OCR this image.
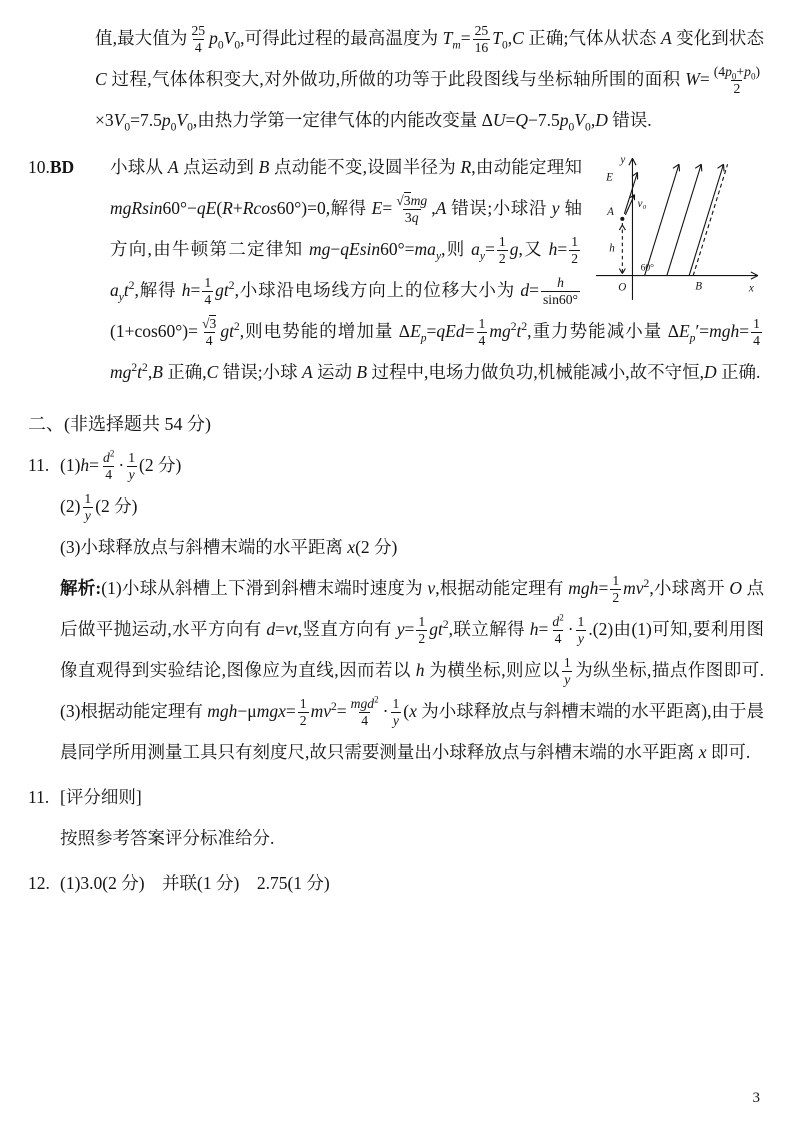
值,最大值为 $\frac{25}{4} p_0V_0$,可得此过程的最高温度为 $T_m= \frac{25}{16} T_0,C$ 正确;气体从状态 A 变化到状态 C 过程,气体体积变大,对外做功,所做的功等于此段图线与坐标轴所围的面积 $W= \frac{(4p_0+p_0)}{2}$
$\times 3V_0=7.5p_0V_0$,由热力学第一定律气体的内能改变量 $\Delta U=Q-7.5p_0V_0,D$ 错误.
10.BD	y
x
O
E
A
v₀
h
B
60°
小球从 A 点运动到 B 点动能不变,设圆半径为 R,由动能定理知 mgRsin60°−qE(R+Rcos60°)=0,解得 $E= \frac{√3mg}{3q} ,A$ 错误;小球沿 y 轴方向,由牛顿第二定律知 $mg-qEsin60^\circ=ma_y$,则 $a_y= \frac{1}{2} g$,又 $h= \frac{1}{2}$
$a_yt^2$,解得 $h= \frac{1}{4} gt^2$,小球沿电场线方向上的位移大小为 $d= \frac{h}{\sin 60^\circ}$
$(1+\cos 60^\circ)= \frac{√3}{4} gt^2$,则电势能的增加量 $\Delta E_p=qEd= \frac{1}{4} mg^2t^2$,重力势能减小量 $\Delta E_p'=mgh= \frac{1}{4}$
$mg^2t^2,B$ 正确,C 错误;小球 A 运动 B 过程中,电场力做负功,机械能减小,故不守恒,D 正确.
二、(非选择题共 54 分)
11. $(1)h= \frac{d^2}{4} \cdot \frac{1}{y} (2$ 分)
$(2) \frac{1}{y} (2$ 分)
(3)小球释放点与斜槽末端的水平距离 x(2 分)
解析:(1)小球从斜槽上下滑到斜槽末端时速度为 v,根据动能定理有 $mgh= \frac{1}{2} mv^2$,小球离开 O 点后做平抛运动,水平方向有 d=vt,竖直方向有 $y= \frac{1}{2} gt^2$,联立解得 $h= \frac{d^2}{4} \cdot \frac{1}{y} .(2)$由(1)可知,要利用图像直观得到实验结论,图像应为直线,因而若以 h 为横坐标,则应以 $\frac{1}{y}$ 为纵坐标,描点作图即可.(3)根据动能定理有 $mgh-\mu mgx= \frac{1}{2} mv^2= \frac{mgd^2}{4} \cdot \frac{1}{y} (x$ 为小球释放点与斜槽末端的水平距离),由于晨晨同学所用测量工具只有刻度尺,故只需要测量出小球释放点与斜槽末端的水平距离 x 即可.
11. [评分细则]
按照参考答案评分标准给分.
12. (1)3.0(2 分)　并联(1 分)　2.75(1 分)
3
